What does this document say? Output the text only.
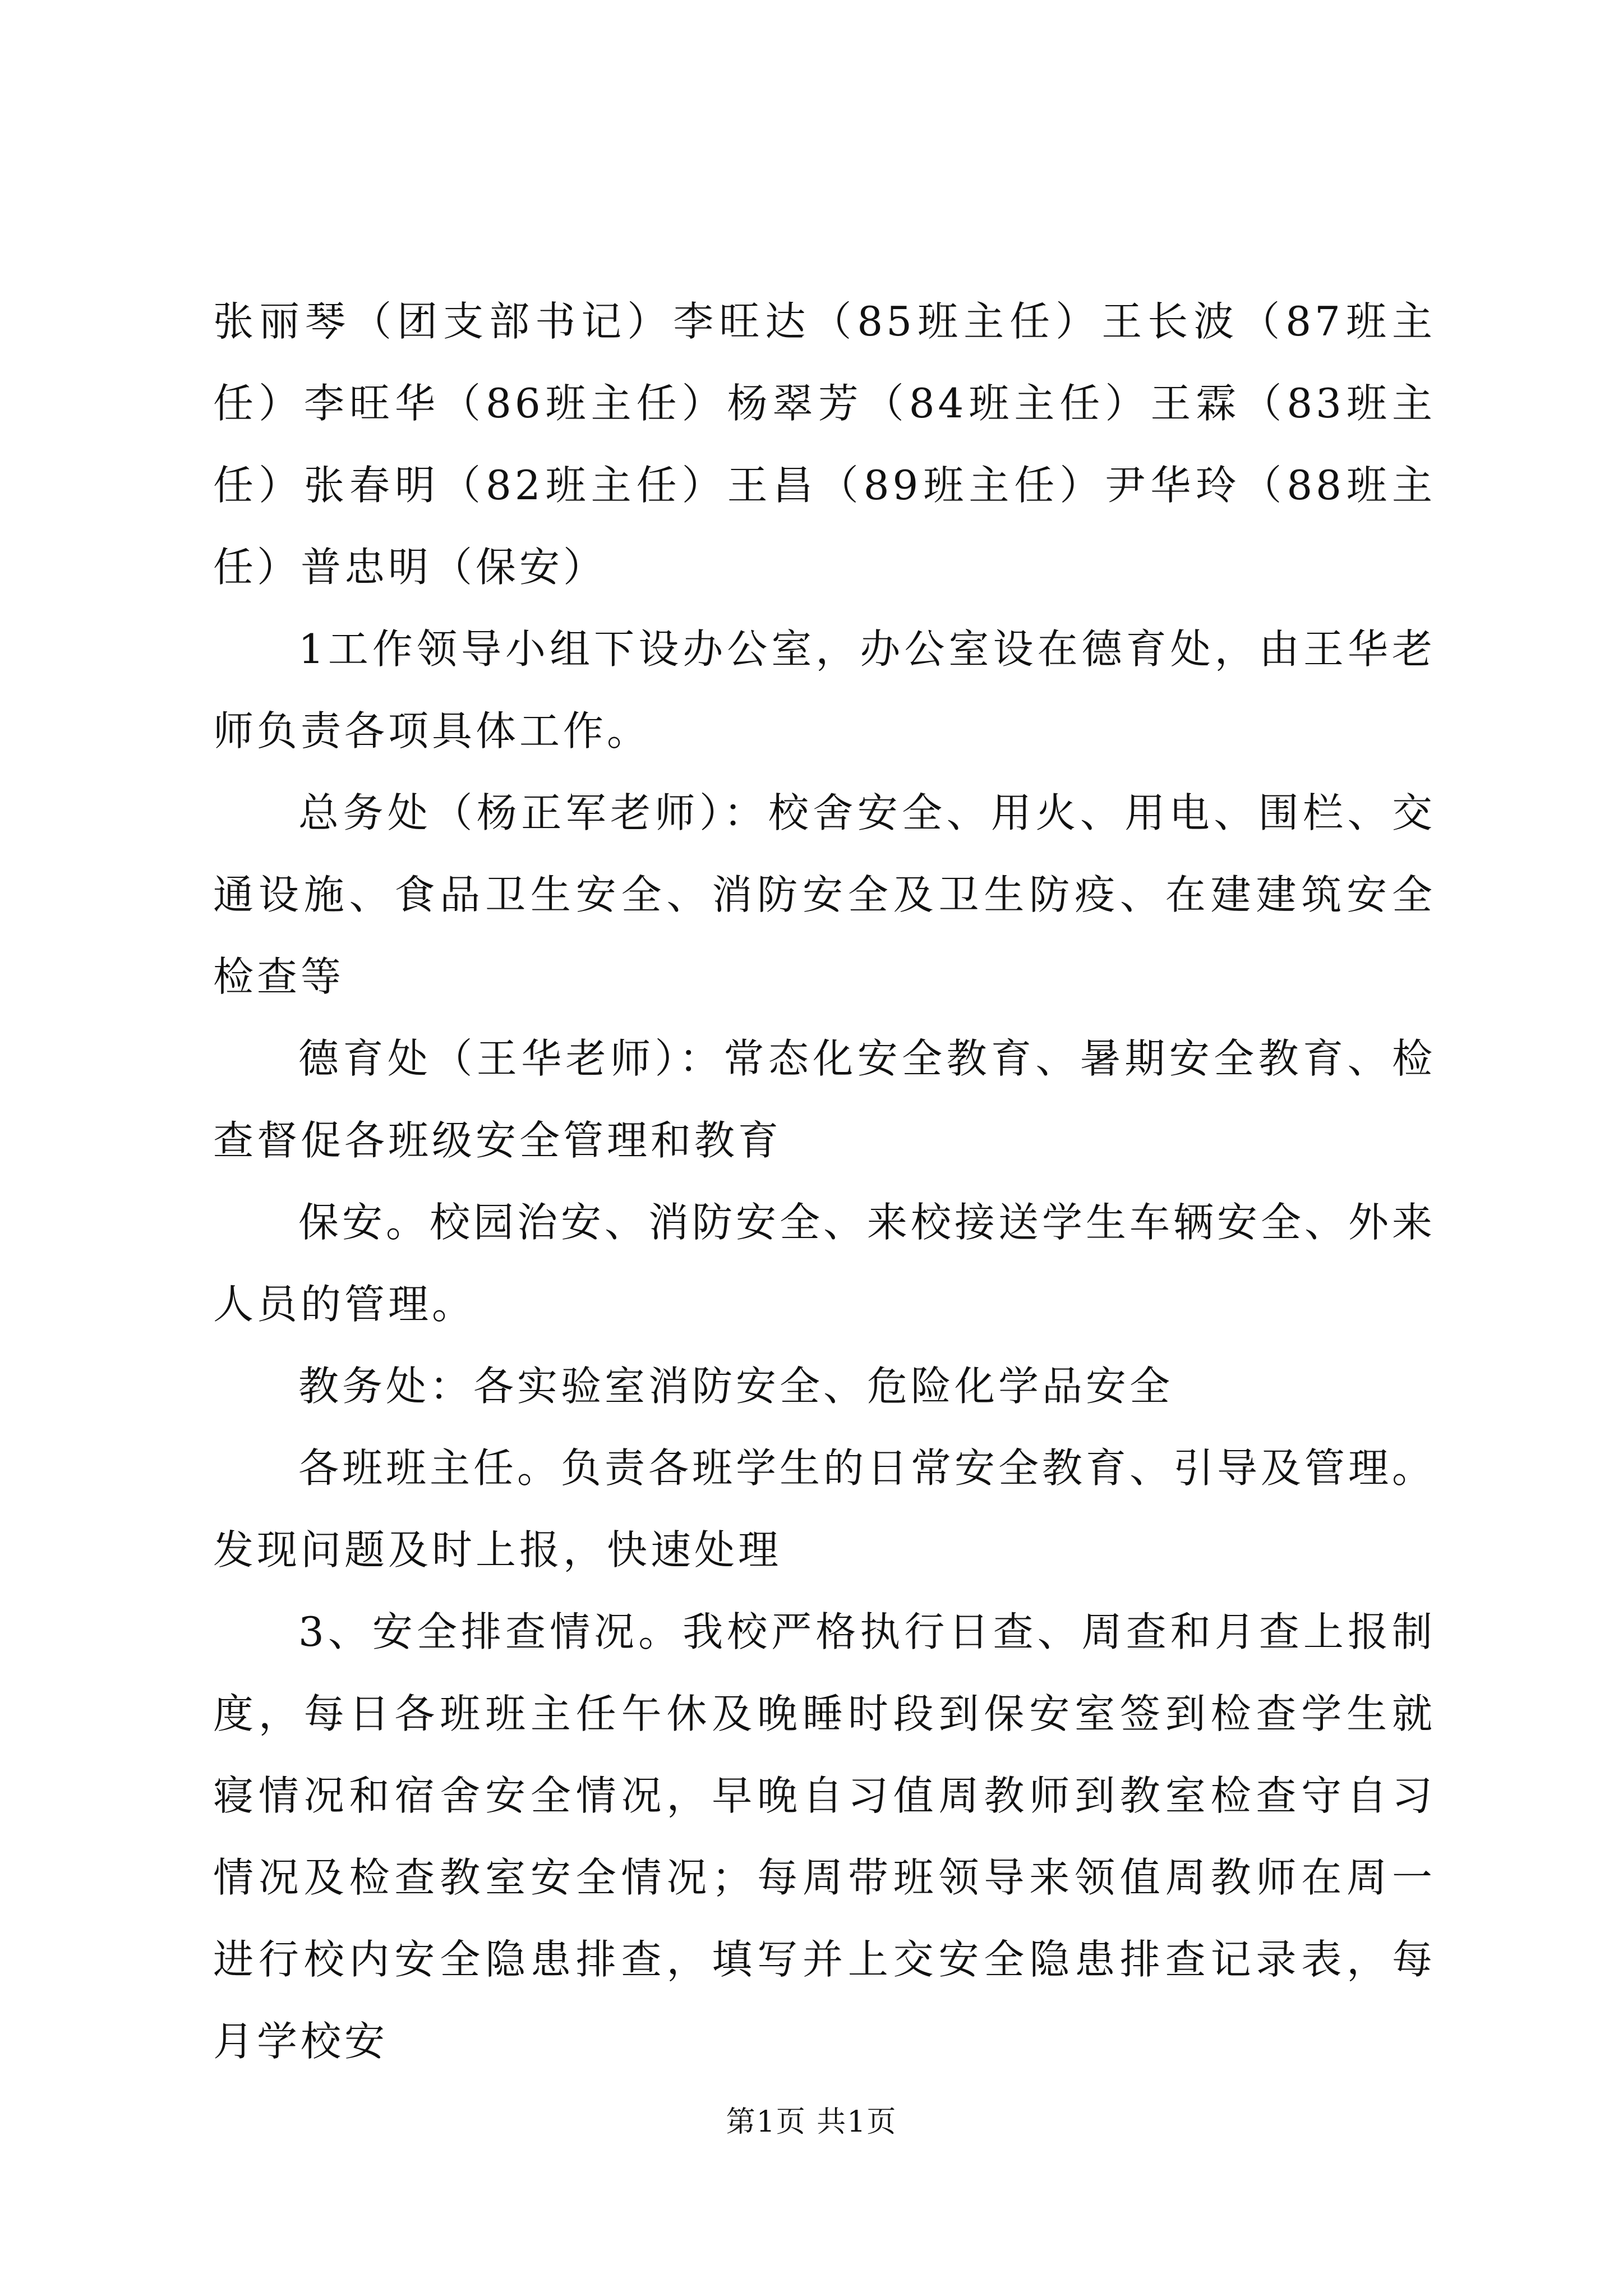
张丽琴（团支部书记）李旺达（85班主任）王长波（87班主任）李旺华（86班主任）杨翠芳（84班主任）王霖（83班主任）张春明（82班主任）王昌（89班主任）尹华玲（88班主任）普忠明（保安）

1工作领导小组下设办公室，办公室设在德育处，由王华老师负责各项具体工作。

总务处（杨正军老师）：校舍安全、用火、用电、围栏、交通设施、食品卫生安全、消防安全及卫生防疫、在建建筑安全检查等

德育处（王华老师）：常态化安全教育、暑期安全教育、检查督促各班级安全管理和教育

保安。校园治安、消防安全、来校接送学生车辆安全、外来人员的管理。

教务处：各实验室消防安全、危险化学品安全

各班班主任。负责各班学生的日常安全教育、引导及管理。发现问题及时上报，快速处理

3、安全排查情况。我校严格执行日查、周查和月查上报制度，每日各班班主任午休及晚睡时段到保安室签到检查学生就寝情况和宿舍安全情况，早晚自习值周教师到教室检查守自习情况及检查教室安全情况；每周带班领导来领值周教师在周一进行校内安全隐患排查，填写并上交安全隐患排查记录表，每月学校安

第1页 共1页
